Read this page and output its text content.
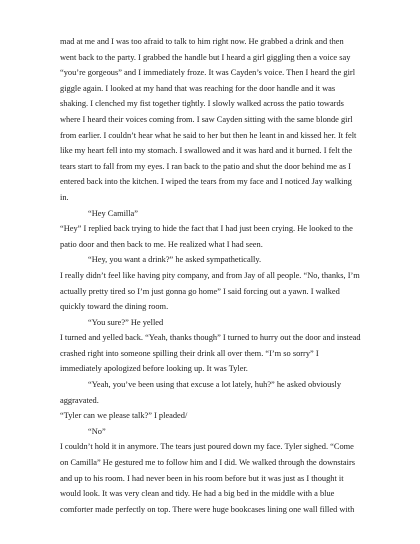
mad at me and I was too afraid to talk to him right now. He grabbed a drink and then

went back to the party. I grabbed the handle but I heard a girl giggling then a voice say

“you’re gorgeous” and I immediately froze. It was Cayden’s voice. Then I heard the girl

giggle again. I looked at my hand that was reaching for the door handle and it was

shaking. I clenched my fist together tightly. I slowly walked across the patio towards

where I heard their voices coming from. I saw Cayden sitting with the same blonde girl

from earlier. I couldn’t hear what he said to her but then he leant in and kissed her. It felt

like my heart fell into my stomach. I swallowed and it was hard and it burned. I felt the

tears start to fall from my eyes. I ran back to the patio and shut the door behind me as I

entered back into the kitchen. I wiped the tears from my face and I noticed Jay walking

in.

“Hey Camilla”

“Hey” I replied back trying to hide the fact that I had just been crying. He looked to the

patio door and then back to me. He realized what I had seen.

“Hey, you want a drink?” he asked sympathetically.

I really didn’t feel like having pity company, and from Jay of all people. “No, thanks, I’m

actually pretty tired so I’m just gonna go home” I said forcing out a yawn. I walked

quickly toward the dining room.

“You sure?” He yelled

I turned and yelled back. “Yeah, thanks though” I turned to hurry out the door and instead

crashed right into someone spilling their drink all over them. “I’m so sorry” I

immediately apologized before looking up. It was Tyler.

“Yeah, you’ve been using that excuse a lot lately, huh?” he asked obviously

aggravated.

“Tyler can we please talk?” I pleaded/

“No”

I couldn’t hold it in anymore. The tears just poured down my face. Tyler sighed. “Come

on Camilla” He gestured me to follow him and I did. We walked through the downstairs

and up to his room. I had never been in his room before but it was just as I thought it

would look. It was very clean and tidy. He had a big bed in the middle with a blue

comforter made perfectly on top. There were huge bookcases lining one wall filled with
